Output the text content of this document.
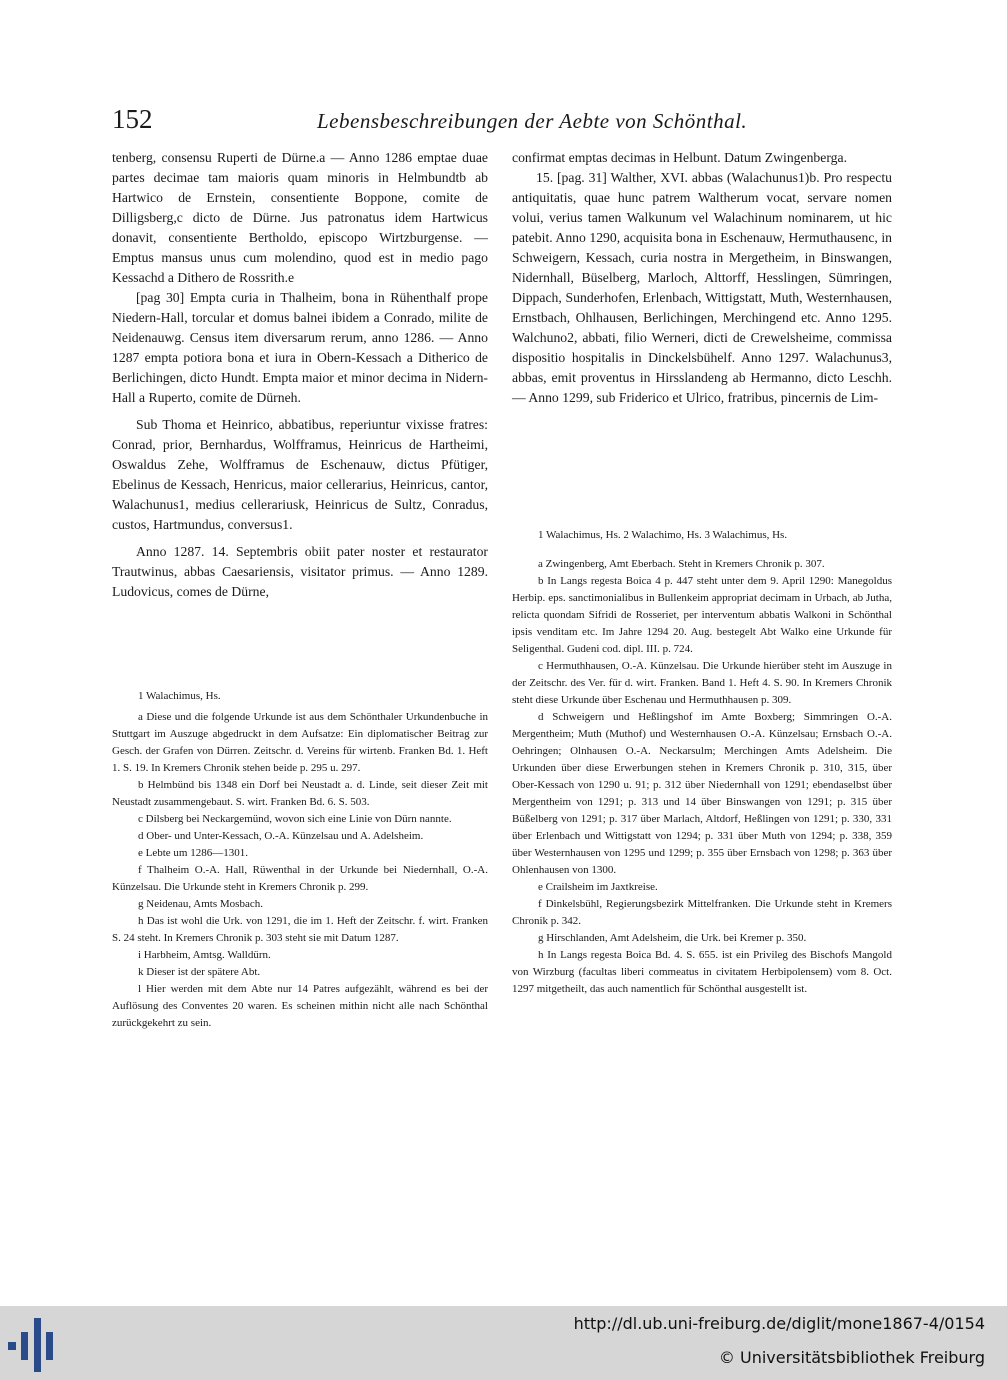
152	Lebensbeschreibungen der Aebte von Schönthal.

tenberg, consensu Ruperti de Dürne.a — Anno 1286 emptae duae partes decimae tam maioris quam minoris in Helmbundtb ab Hartwico de Ernstein, consentiente Boppone, comite de Dilligsberg,c dicto de Dürne. Jus patronatus idem Hartwicus donavit, consentiente Bertholdo, episcopo Wirtzburgense. — Emptus mansus unus cum molendino, quod est in medio pago Kessachd a Dithero de Rossrith.e

[pag 30] Empta curia in Thalheim, bona in Rühenthalf prope Niedern-Hall, torcular et domus balnei ibidem a Conrado, milite de Neidenauwg. Census item diversarum rerum, anno 1286. — Anno 1287 empta potiora bona et iura in Obern-Kessach a Ditherico de Berlichingen, dicto Hundt. Empta maior et minor decima in Nidern-Hall a Ruperto, comite de Dürneh.

Sub Thoma et Heinrico, abbatibus, reperiuntur vixisse fratres: Conrad, prior, Bernhardus, Wolffrаmus, Heinricus de Hartheimi, Oswaldus Zehe, Wolffrаmus de Eschenauw, dictus Pfütiger, Ebelinus de Kessach, Henricus, maior cellerarius, Heinricus, cantor, Walachunus1, medius cellerariusk, Heinricus de Sultz, Conradus, custos, Hartmundus, conversus1.

Anno 1287. 14. Septembris obiit pater noster et restaurator Trautwinus, abbas Caesariensis, visitator primus. — Anno 1289. Ludovicus, comes de Dürne,

confirmat emptas decimas in Helbunt. Datum Zwingenberga.

15. [pag. 31] Walther, XVI. abbas (Walachunus1)b. Pro respectu antiquitatis, quae hunc patrem Waltherum vocat, servare nomen volui, verius tamen Walkunum vel Walachinum nominarem, ut hic patebit. Anno 1290, acquisita bona in Eschenauw, Hermuthausenc, in Schweigern, Kessach, curia nostra in Mergetheim, in Binswangen, Nidernhall, Büselberg, Marloch, Alttorff, Hesslingen, Sümringen, Dippach, Sunderhofen, Erlenbach, Wittigstatt, Muth, Westernhausen, Ernstbach, Ohlhausen, Berlichingen, Merchingend etc. Anno 1295. Walchuno2, abbati, filio Werneri, dicti de Crewelsheime, commissa dispositio hospitalis in Dinckelsbühelf. Anno 1297. Walachunus3, abbas, emit proventus in Hirsslandeng ab Hermanno, dicto Leschh. — Anno 1299, sub Friderico et Ulrico, fratribus, pincernis de Lim-

1 Walachimus, Hs. 2 Walachimo, Hs. 3 Walachimus, Hs.

1 Walachimus, Hs.

a Diese und die folgende Urkunde ist aus dem Schönthaler Urkundenbuche in Stuttgart im Auszuge abgedruckt in dem Aufsatze: Ein diplomatischer Beitrag zur Gesch. der Grafen von Dürren. Zeitschr. d. Vereins für wirtenb. Franken Bd. 1. Heft 1. S. 19. In Kremers Chronik stehen beide p. 295 u. 297.

b Helmbünd bis 1348 ein Dorf bei Neustadt a. d. Linde, seit dieser Zeit mit Neustadt zusammengebaut. S. wirt. Franken Bd. 6. S. 503.

c Dilsberg bei Neckargemünd, wovon sich eine Linie von Dürn nannte.

d Ober- und Unter-Kessach, O.-A. Künzelsau und A. Adelsheim.

e Lebte um 1286—1301.

f Thalheim O.-A. Hall, Rüwenthal in der Urkunde bei Niedernhall, O.-A. Künzelsau. Die Urkunde steht in Kremers Chronik p. 299.

g Neidenau, Amts Mosbach.

h Das ist wohl die Urk. von 1291, die im 1. Heft der Zeitschr. f. wirt. Franken S. 24 steht. In Kremers Chronik p. 303 steht sie mit Datum 1287.

i Harbheim, Amtsg. Walldürn.

k Dieser ist der spätere Abt.

l Hier werden mit dem Abte nur 14 Patres aufgezählt, während es bei der Auflösung des Conventes 20 waren. Es scheinen mithin nicht alle nach Schönthal zurückgekehrt zu sein.

a Zwingenberg, Amt Eberbach. Steht in Kremers Chronik p. 307.

b In Langs regesta Boica 4 p. 447 steht unter dem 9. April 1290: Manegoldus Herbip. eps. sanctimonialibus in Bullenkeim appropriat decimam in Urbach, ab Jutha, relicta quondam Sifridi de Rosseriet, per interventum abbatis Walkoni in Schönthal ipsis venditam etc. Im Jahre 1294 20. Aug. bestegelt Abt Walko eine Urkunde für Seligenthal. Gudeni cod. dipl. III. p. 724.

c Hermuthhausen, O.-A. Künzelsau. Die Urkunde hierüber steht im Auszuge in der Zeitschr. des Ver. für d. wirt. Franken. Band 1. Heft 4. S. 90. In Kremers Chronik steht diese Urkunde über Eschenau und Hermuthhausen p. 309.

d Schweigern und Heßlingshof im Amte Boxberg; Simmringen O.-A. Mergentheim; Muth (Muthof) und Westernhausen O.-A. Künzelsau; Ernsbach O.-A. Oehringen; Olnhausen O.-A. Neckarsulm; Merchingen Amts Adelsheim. Die Urkunden über diese Erwerbungen stehen in Kremers Chronik p. 310, 315, über Ober-Kessach von 1290 u. 91; p. 312 über Niedernhall von 1291; ebendaselbst über Mergentheim von 1291; p. 313 und 14 über Binswangen von 1291; p. 315 über Büßelberg von 1291; p. 317 über Marlach, Altdorf, Heßlingen von 1291; p. 330, 331 über Erlenbach und Wittigstatt von 1294; p. 331 über Muth von 1294; p. 338, 359 über Westernhausen von 1295 und 1299; p. 355 über Ernsbach von 1298; p. 363 über Ohlenhausen von 1300.

e Crailsheim im Jaxtkreise.

f Dinkelsbühl, Regierungsbezirk Mittelfranken. Die Urkunde steht in Kremers Chronik p. 342.

g Hirschlanden, Amt Adelsheim, die Urk. bei Kremer p. 350.

h In Langs regesta Boica Bd. 4. S. 655. ist ein Privileg des Bischofs Mangold von Wirzburg (facultas liberi commeatus in civitatem Herbipolensem) vom 8. Oct. 1297 mitgetheilt, das auch namentlich für Schönthal ausgestellt ist.

http://dl.ub.uni-freiburg.de/diglit/mone1867-4/0154
© Universitätsbibliothek Freiburg
